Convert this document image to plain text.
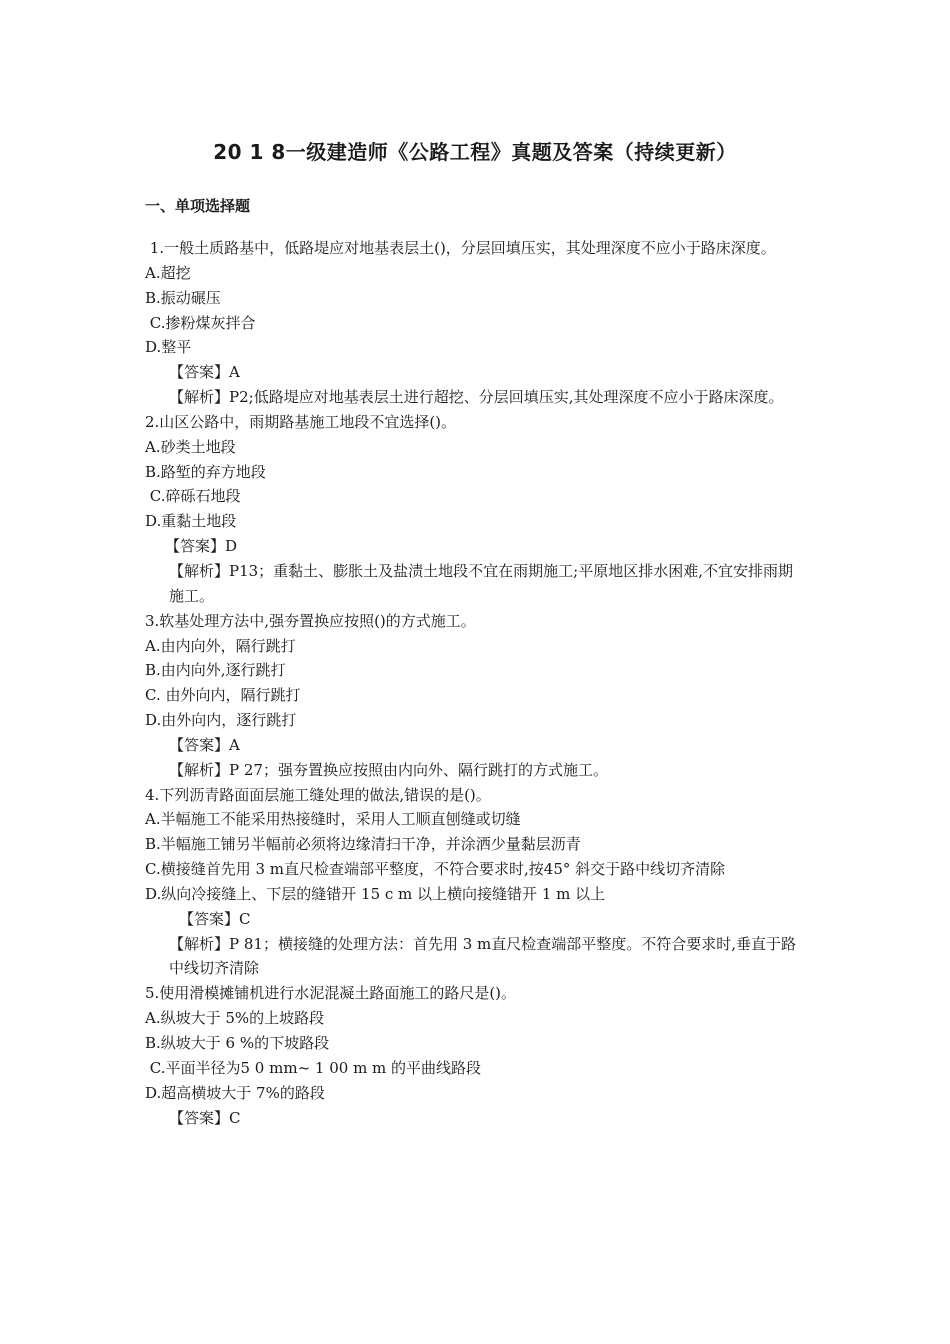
20 1 8一级建造师《公路工程》真题及答案（持续更新）
一、单项选择题
1.一般土质路基中，低路堤应对地基表层土()，分层回填压实，其处理深度不应小于路床深度。
A.超挖
B.振动碾压
C.掺粉煤灰拌合
D.整平
【答案】A
【解析】P2;低路堤应对地基表层土进行超挖、分层回填压实,其处理深度不应小于路床深度。
2.山区公路中，雨期路基施工地段不宜选择()。
A.砂类土地段
B.路堑的弃方地段
C.碎砾石地段
D.重黏土地段
【答案】D
【解析】P13；重黏土、膨胀土及盐渍土地段不宜在雨期施工;平原地区排水困难,不宜安排雨期施工。
3.软基处理方法中,强夯置换应按照()的方式施工。
A.由内向外，隔行跳打
B.由内向外,逐行跳打
C. 由外向内，隔行跳打
D.由外向内，逐行跳打
【答案】A
【解析】P 27；强夯置换应按照由内向外、隔行跳打的方式施工。
4.下列沥青路面面层施工缝处理的做法,错误的是()。
A.半幅施工不能采用热接缝时，采用人工顺直刨缝或切缝
B.半幅施工铺另半幅前必须将边缘清扫干净，并涂洒少量黏层沥青
C.横接缝首先用 3 m直尺检查端部平整度，不符合要求时,按45° 斜交于路中线切齐清除
D.纵向冷接缝上、下层的缝错开 15 c m 以上横向接缝错开 1 m 以上
【答案】C
【解析】P 81；横接缝的处理方法：首先用 3 m直尺检查端部平整度。不符合要求时,垂直于路中线切齐清除
5.使用滑模摊铺机进行水泥混凝土路面施工的路尺是()。
A.纵坡大于 5%的上坡路段
B.纵坡大于 6 %的下坡路段
C.平面半径为5 0 mm~ 1 00 m m 的平曲线路段
D.超高横坡大于 7%的路段
【答案】C
